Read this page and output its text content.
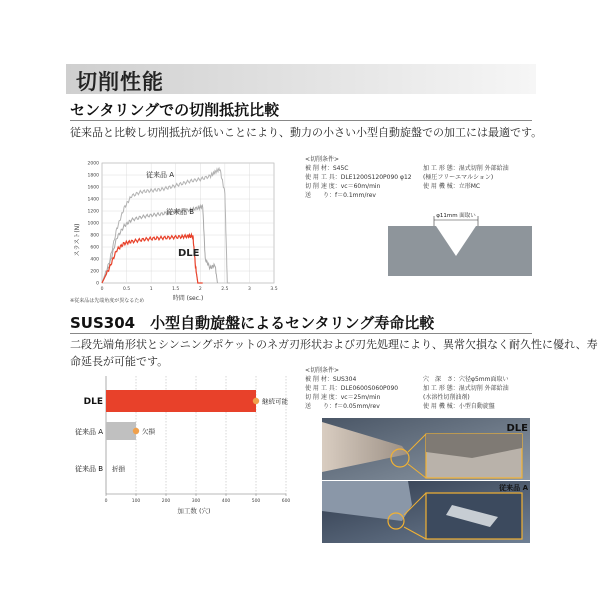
切削性能
センタリングでの切削抵抗比較
従来品と比較し切削抵抗が低いことにより、動力の小さい小型自動旋盤での加工には最適です。
0
200
400
600
800
1000
1200
1400
1600
1800
2000
0	0.5	1	1.5	2	2.5	3	3.5
スラスト(N)
時間 (sec.)
従来品 A
従来品 B
DLE
※従来品は先端角度が異なるため
<切削条件>
被 削 材：S45C	加 工 形 態：湿式切削 外部給油
使 用 工 具：DLE1200S120P090 φ12	(極圧フリーエマルション)
切 削 速 度：vc＝60m/min	使 用 機 械：立形MC
送　　り：f＝0.1mm/rev
φ11mm 面取い
SUS304　小型自動旋盤によるセンタリング寿命比較
二段先端角形状とシンニングポケットのネガ刃形状および刃先処理により、異常欠損なく耐久性に優れ、寿
命延長が可能です。
0	100	200	300	400	500	600
DLE	継続可能
従来品 A	欠損
従来品 B 折損
加工数 (穴)
<切削条件>
被 削 材：SUS304	穴　深　さ：穴径φ5mm面取い
使 用 工 具：DLE0600S060P090	加 工 形 態：湿式切削 外部給油
切 削 速 度：vc＝25m/min	(水溶性切削油剤)
送　　り：f＝0.05mm/rev	使 用 機 械：小型自動旋盤
DLE
従来品 A
